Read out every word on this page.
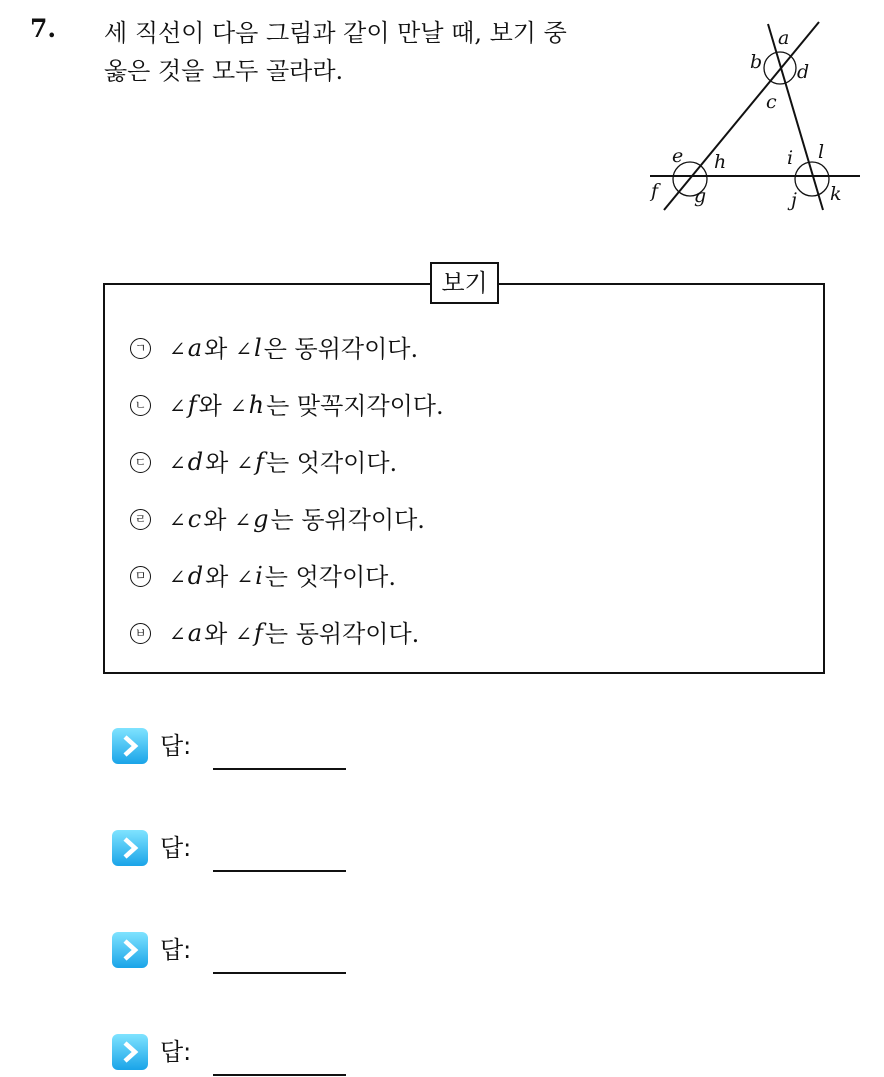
7. 세 직선이 다음 그림과 같이 만날 때, 보기 중
옳은 것을 모두 골라라.
a
b
c
d
e
f g
h	i
j k
l
보기
ㄱ ∠a 와 ∠l 은 동위각이다.
ㄴ ∠f 와 ∠h 는 맞꼭지각이다.
ㄷ ∠d 와 ∠f 는 엇각이다.
ㄹ ∠c 와 ∠g 는 동위각이다.
ㅁ ∠d 와 ∠i 는 엇각이다.
ㅂ ∠a 와 ∠f 는 동위각이다.
답:
답:
답:
답:
